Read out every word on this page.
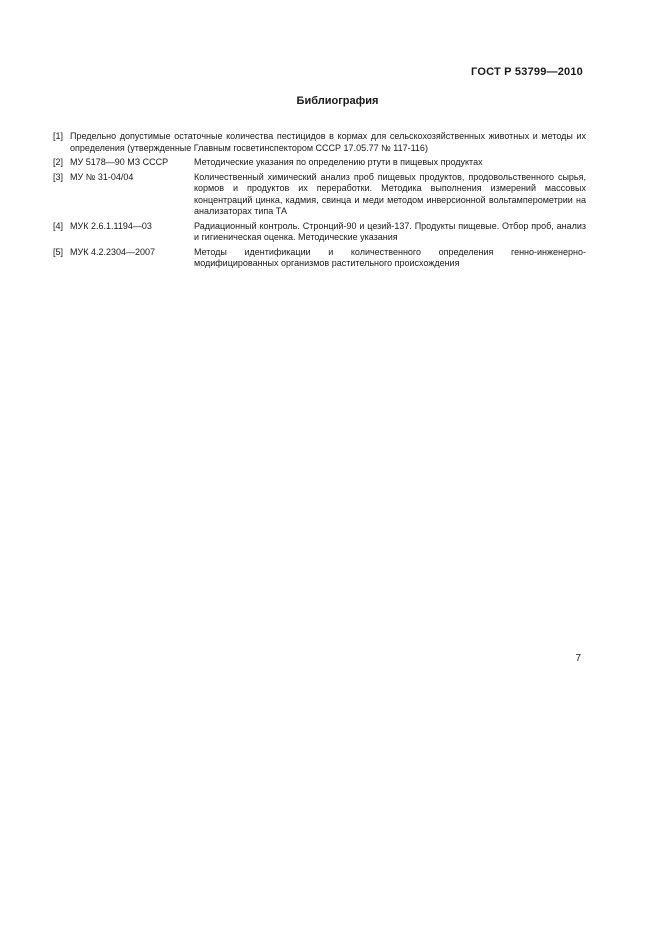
ГОСТ Р 53799—2010
Библиография
[1] Предельно допустимые остаточные количества пестицидов в кормах для сельскохозяйственных животных и методы их определения (утвержденные Главным госветинспектором СССР 17.05.77 № 117-116)
[2] МУ 5178—90 МЗ СССР	Методические указания по определению ртути в пищевых продуктах
[3] МУ № 31-04/04	Количественный химический анализ проб пищевых продуктов, продовольственного сырья, кормов и продуктов их переработки. Методика выполнения измерений массовых концентраций цинка, кадмия, свинца и меди методом инверсионной вольтамперометрии на анализаторах типа ТА
[4] МУК 2.6.1.1194—03	Радиационный контроль. Стронций-90 и цезий-137. Продукты пищевые. Отбор проб, анализ и гигиеническая оценка. Методические указания
[5] МУК 4.2.2304—2007	Методы идентификации и количественного определения генно-инженерно-модифицированных организмов растительного происхождения
7
